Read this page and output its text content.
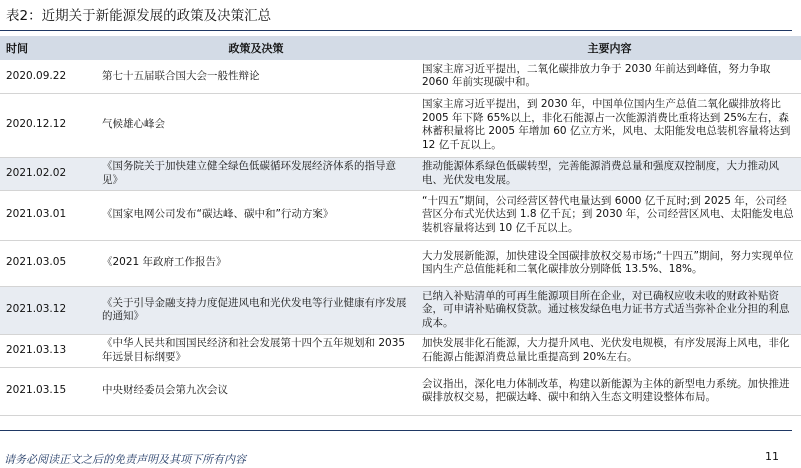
表2：近期关于新能源发展的政策及决策汇总
时间	政策及决策	主要内容
2020.09.22	第七十五届联合国大会一般性辩论	国家主席习近平提出，二氧化碳排放力争于 2030 年前达到峰值，努力争取 2060 年前实现碳中和。
2020.12.12	气候雄心峰会	国家主席习近平提出，到 2030 年，中国单位国内生产总值二氧化碳排放将比 2005 年下降 65%以上，非化石能源占一次能源消费比重将达到 25%左右，森林蓄积量将比 2005 年增加 60 亿立方米，风电、太阳能发电总装机容量将达到 12 亿千瓦以上。
2021.02.02	《国务院关于加快建立健全绿色低碳循环发展经济体系的指导意见》	推动能源体系绿色低碳转型，完善能源消费总量和强度双控制度，大力推动风电、光伏发电发展。
2021.03.01	《国家电网公司发布“碳达峰、碳中和”行动方案》	“十四五”期间，公司经营区替代电量达到 6000 亿千瓦时;到 2025 年，公司经营区分布式光伏达到 1.8 亿千瓦；到 2030 年，公司经营区风电、太阳能发电总装机容量将达到 10 亿千瓦以上。
2021.03.05	《2021 年政府工作报告》	大力发展新能源，加快建设全国碳排放权交易市场;“十四五”期间，努力实现单位国内生产总值能耗和二氧化碳排放分别降低 13.5%、18%。
2021.03.12	《关于引导金融支持力度促进风电和光伏发电等行业健康有序发展的通知》	已纳入补贴清单的可再生能源项目所在企业，对已确权应收未收的财政补贴资金，可申请补贴确权贷款。通过核发绿色电力证书方式适当弥补企业分担的利息成本。
2021.03.13	《中华人民共和国国民经济和社会发展第十四个五年规划和 2035 年远景目标纲要》	加快发展非化石能源，大力提升风电、光伏发电规模，有序发展海上风电，非化石能源占能源消费总量比重提高到 20%左右。
2021.03.15	中央财经委员会第九次会议	会议指出，深化电力体制改革，构建以新能源为主体的新型电力系统。加快推进碳排放权交易，把碳达峰、碳中和纳入生态文明建设整体布局。
请务必阅读正文之后的免责声明及其项下所有内容	11
